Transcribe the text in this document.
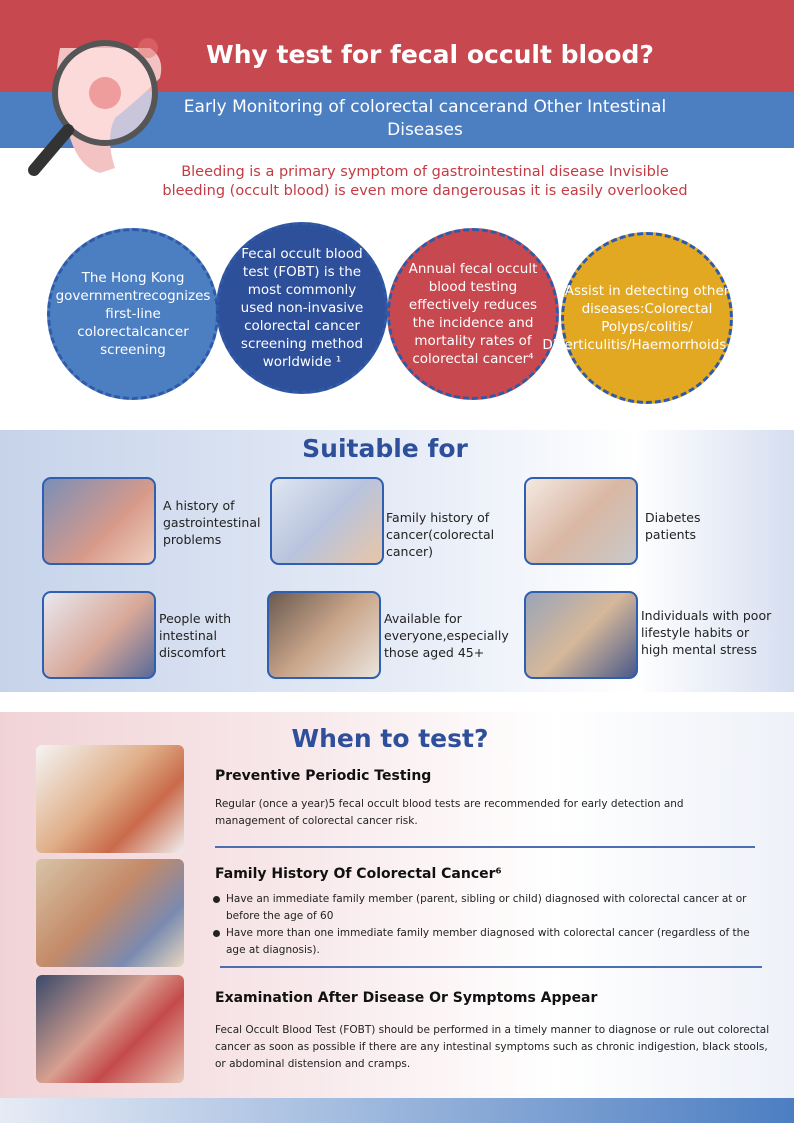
Why test for fecal occult blood?
Early Monitoring of colorectal cancerand Other Intestinal Diseases
Bleeding is a primary symptom of gastrointestinal disease Invisible bleeding (occult blood) is even more dangerousas it is easily overlooked
The Hong Kong governmentrecognizes first-line colorectalcancer screening
Fecal occult blood test (FOBT) is the most commonly used non-invasive colorectal cancer screening method worldwide ¹
Annual fecal occult blood testing effectively reduces the incidence and mortality rates of colorectal cancer⁴
Assist in detecting other diseases:Colorectal Polyps/colitis/ Diverticulitis/Haemorrhoids,etc
Suitable for
A history of gastrointestinal problems
Family history of cancer(colorectal cancer)
Diabetes patients
People with intestinal discomfort
Available for everyone,especially those aged 45+
Individuals with poor lifestyle habits or high mental stress
When to test?
Preventive Periodic Testing
Regular (once a year)5 fecal occult blood tests are recommended for early detection and management of colorectal cancer risk.
Family History Of Colorectal Cancer⁶
Have an immediate family member (parent, sibling or child) diagnosed with colorectal cancer at or before the age of 60
Have more than one immediate family member diagnosed with colorectal cancer (regardless of the age at diagnosis).
Examination After Disease Or Symptoms Appear
Fecal Occult Blood Test (FOBT) should be performed in a timely manner to diagnose or rule out colorectal cancer as soon as possible if there are any intestinal symptoms such as chronic indigestion, black stools, or abdominal distension and cramps.
